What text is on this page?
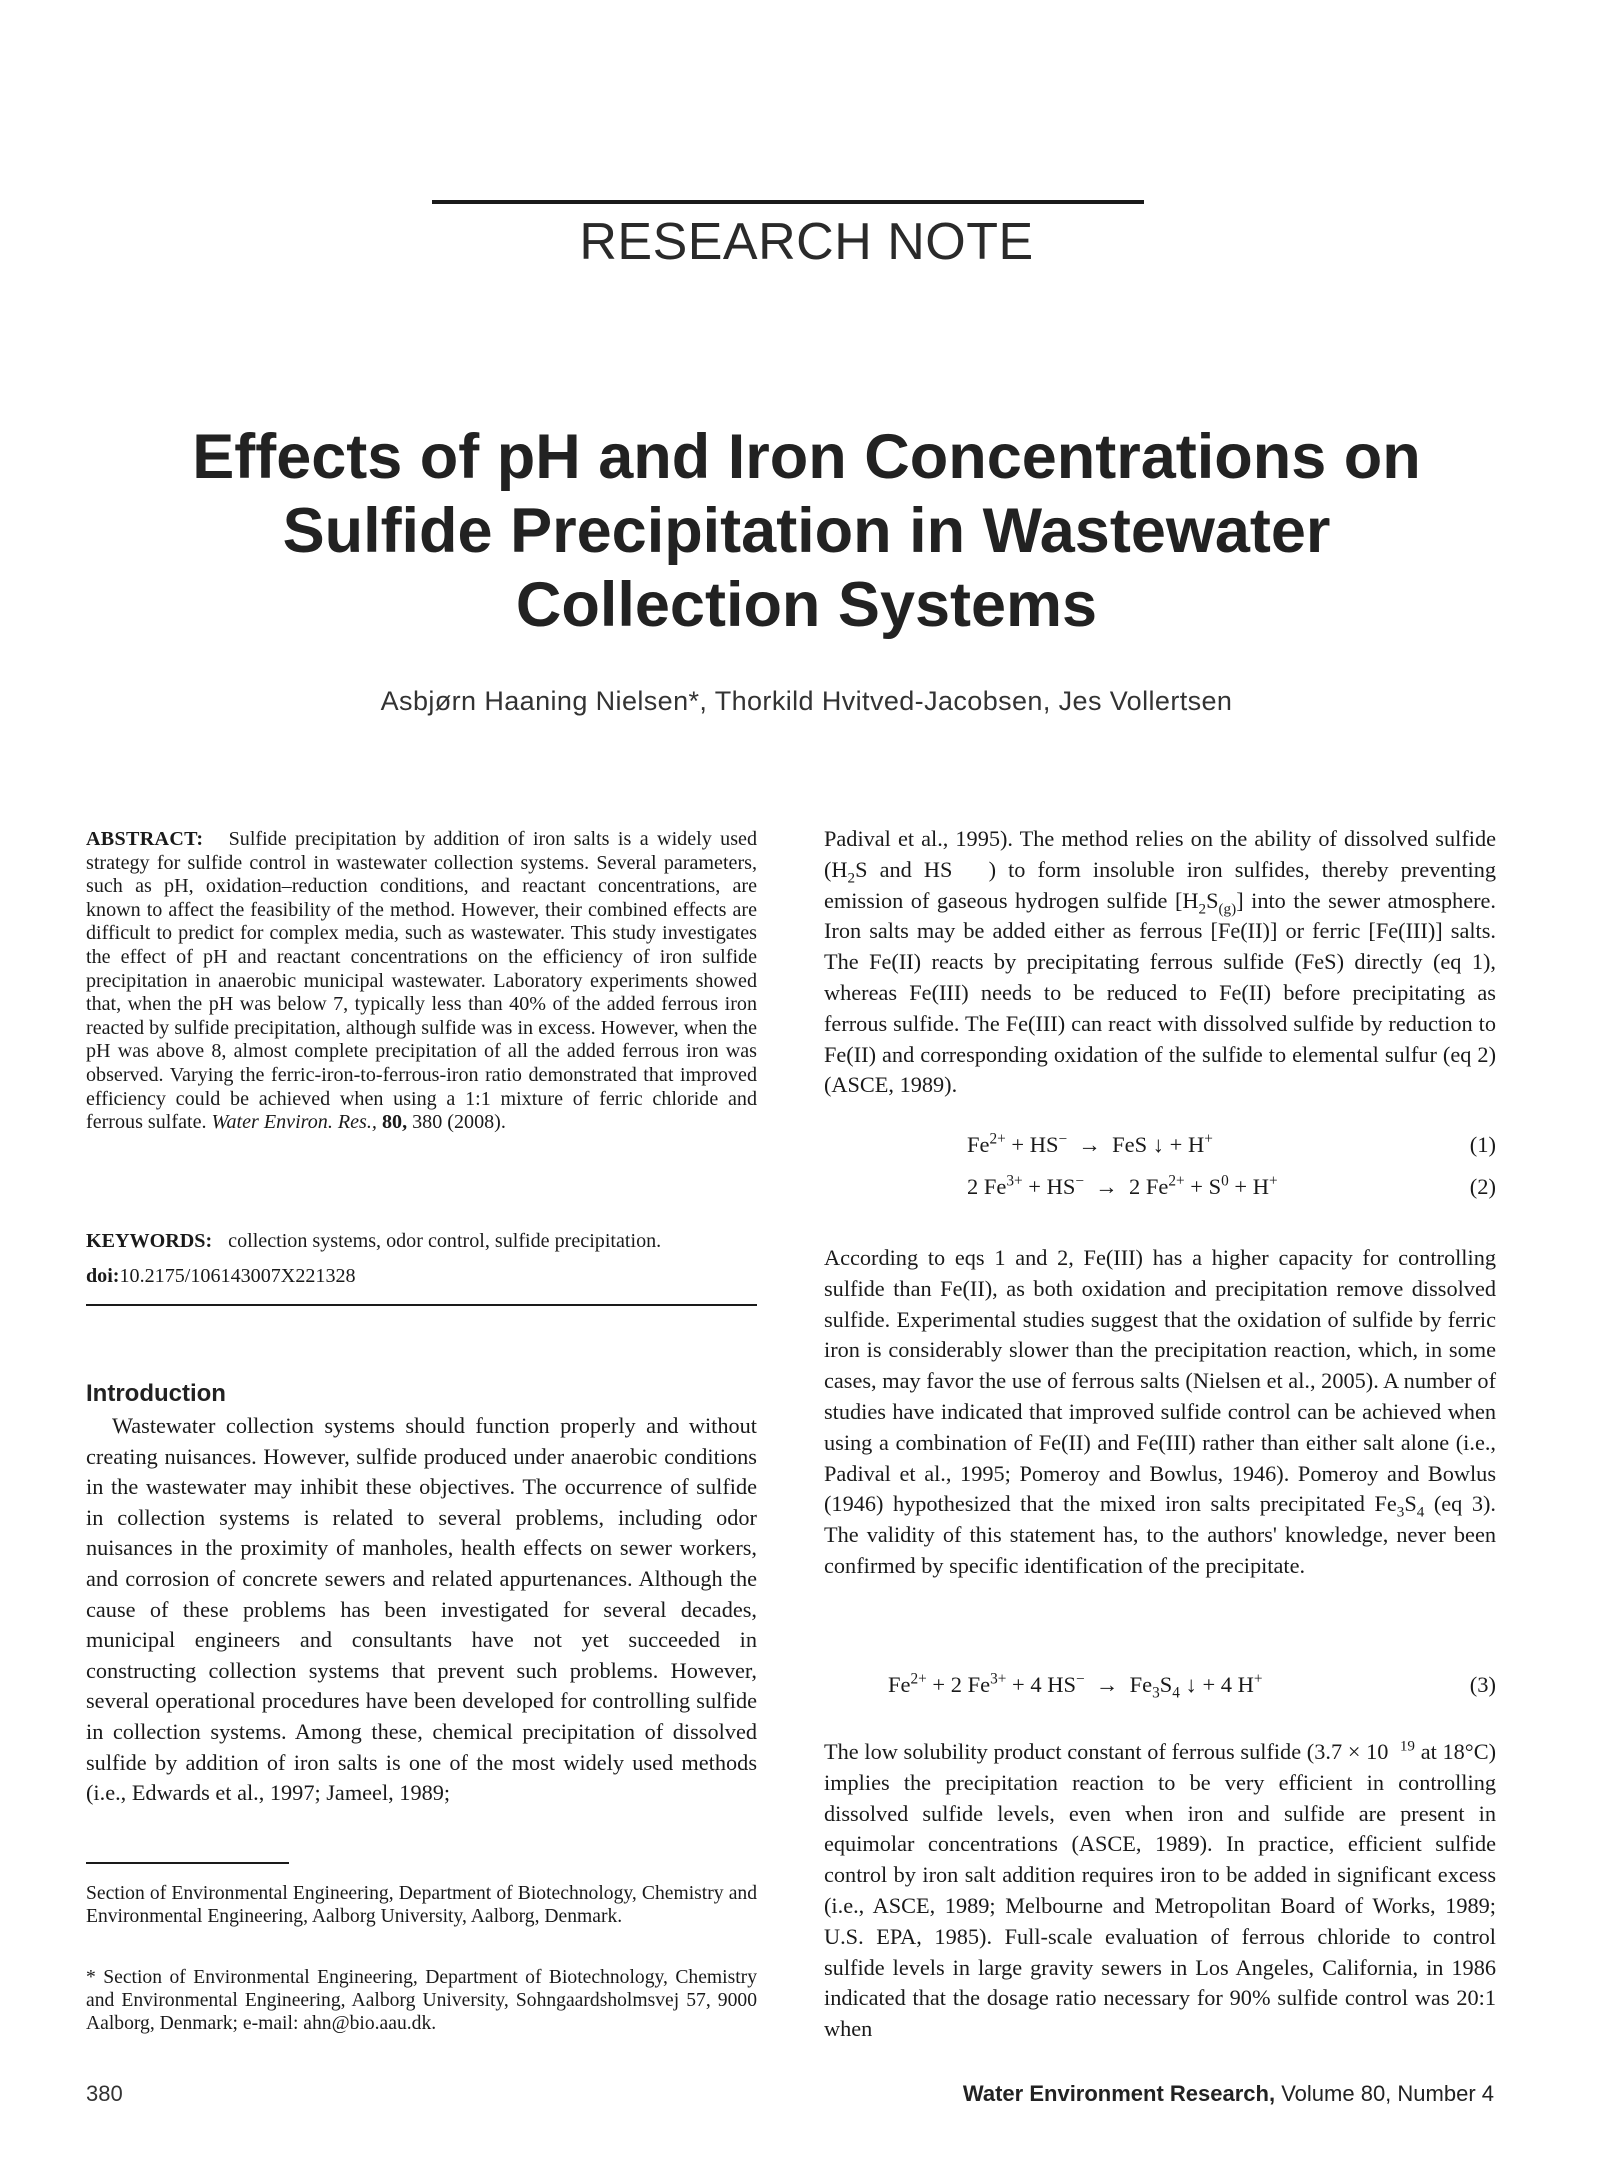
RESEARCH NOTE
Effects of pH and Iron Concentrations on
Sulfide Precipitation in Wastewater
Collection Systems
Asbjørn Haaning Nielsen*, Thorkild Hvitved-Jacobsen, Jes Vollertsen
ABSTRACT: Sulfide precipitation by addition of iron salts is a widely used strategy for sulfide control in wastewater collection systems. Several parameters, such as pH, oxidation–reduction conditions, and reactant concentrations, are known to affect the feasibility of the method. However, their combined effects are difficult to predict for complex media, such as wastewater. This study investigates the effect of pH and reactant concentrations on the efficiency of iron sulfide precipitation in anaerobic municipal wastewater. Laboratory experiments showed that, when the pH was below 7, typically less than 40% of the added ferrous iron reacted by sulfide precipitation, although sulfide was in excess. However, when the pH was above 8, almost complete precipitation of all the added ferrous iron was observed. Varying the ferric-iron-to-ferrous-iron ratio demonstrated that improved efficiency could be achieved when using a 1:1 mixture of ferric chloride and ferrous sulfate. Water Environ. Res., 80, 380 (2008).
KEYWORDS: collection systems, odor control, sulfide precipitation.
doi:10.2175/106143007X221328
Introduction
Wastewater collection systems should function properly and without creating nuisances. However, sulfide produced under anaerobic conditions in the wastewater may inhibit these objectives. The occurrence of sulfide in collection systems is related to several problems, including odor nuisances in the proximity of manholes, health effects on sewer workers, and corrosion of concrete sewers and related appurtenances. Although the cause of these problems has been investigated for several decades, municipal engineers and consultants have not yet succeeded in constructing collection systems that prevent such problems. However, several operational procedures have been developed for controlling sulfide in collection systems. Among these, chemical precipitation of dissolved sulfide by addition of iron salts is one of the most widely used methods (i.e., Edwards et al., 1997; Jameel, 1989;
Section of Environmental Engineering, Department of Biotechnology, Chemistry and Environmental Engineering, Aalborg University, Aalborg, Denmark.
* Section of Environmental Engineering, Department of Biotechnology, Chemistry and Environmental Engineering, Aalborg University, Sohngaardsholmsvej 57, 9000 Aalborg, Denmark; e-mail: ahn@bio.aau.dk.
Padival et al., 1995). The method relies on the ability of dissolved sulfide ($H_2S$ and HS ) to form insoluble iron sulfides, thereby preventing emission of gaseous hydrogen sulfide $[H_2S_{(g)}]$ into the sewer atmosphere. Iron salts may be added either as ferrous [Fe(II)] or ferric [Fe(III)] salts. The Fe(II) reacts by precipitating ferrous sulfide (FeS) directly (eq 1), whereas Fe(III) needs to be reduced to Fe(II) before precipitating as ferrous sulfide. The Fe(III) can react with dissolved sulfide by reduction to Fe(II) and corresponding oxidation of the sulfide to elemental sulfur (eq 2) (ASCE, 1989).
$Fe^{2+} + HS^-$ → FeS ↓ + H+	(1)
2 $Fe^{3+} + HS^- \to 2$ $Fe^{2+} + S^0 + H^+$	(2)
According to eqs 1 and 2, Fe(III) has a higher capacity for controlling sulfide than Fe(II), as both oxidation and precipitation remove dissolved sulfide. Experimental studies suggest that the oxidation of sulfide by ferric iron is considerably slower than the precipitation reaction, which, in some cases, may favor the use of ferrous salts (Nielsen et al., 2005). A number of studies have indicated that improved sulfide control can be achieved when using a combination of Fe(II) and Fe(III) rather than either salt alone (i.e., Padival et al., 1995; Pomeroy and Bowlus, 1946). Pomeroy and Bowlus (1946) hypothesized that the mixed iron salts precipitated $Fe_3S_4$ (eq 3). The validity of this statement has, to the authors' knowledge, never been confirmed by specific identification of the precipitate.
$Fe^{2+} + 2$ $Fe^{3+} + 4$ $HS^- \to Fe_3S_4$ ↓ + 4 H+	(3)
The low solubility product constant of ferrous sulfide (3.7 × 10 $^{19}$ at 18°C) implies the precipitation reaction to be very efficient in controlling dissolved sulfide levels, even when iron and sulfide are present in equimolar concentrations (ASCE, 1989). In practice, efficient sulfide control by iron salt addition requires iron to be added in significant excess (i.e., ASCE, 1989; Melbourne and Metropolitan Board of Works, 1989; U.S. EPA, 1985). Full-scale evaluation of ferrous chloride to control sulfide levels in large gravity sewers in Los Angeles, California, in 1986 indicated that the dosage ratio necessary for 90% sulfide control was 20:1 when
380	Water Environment Research, Volume 80, Number 4
